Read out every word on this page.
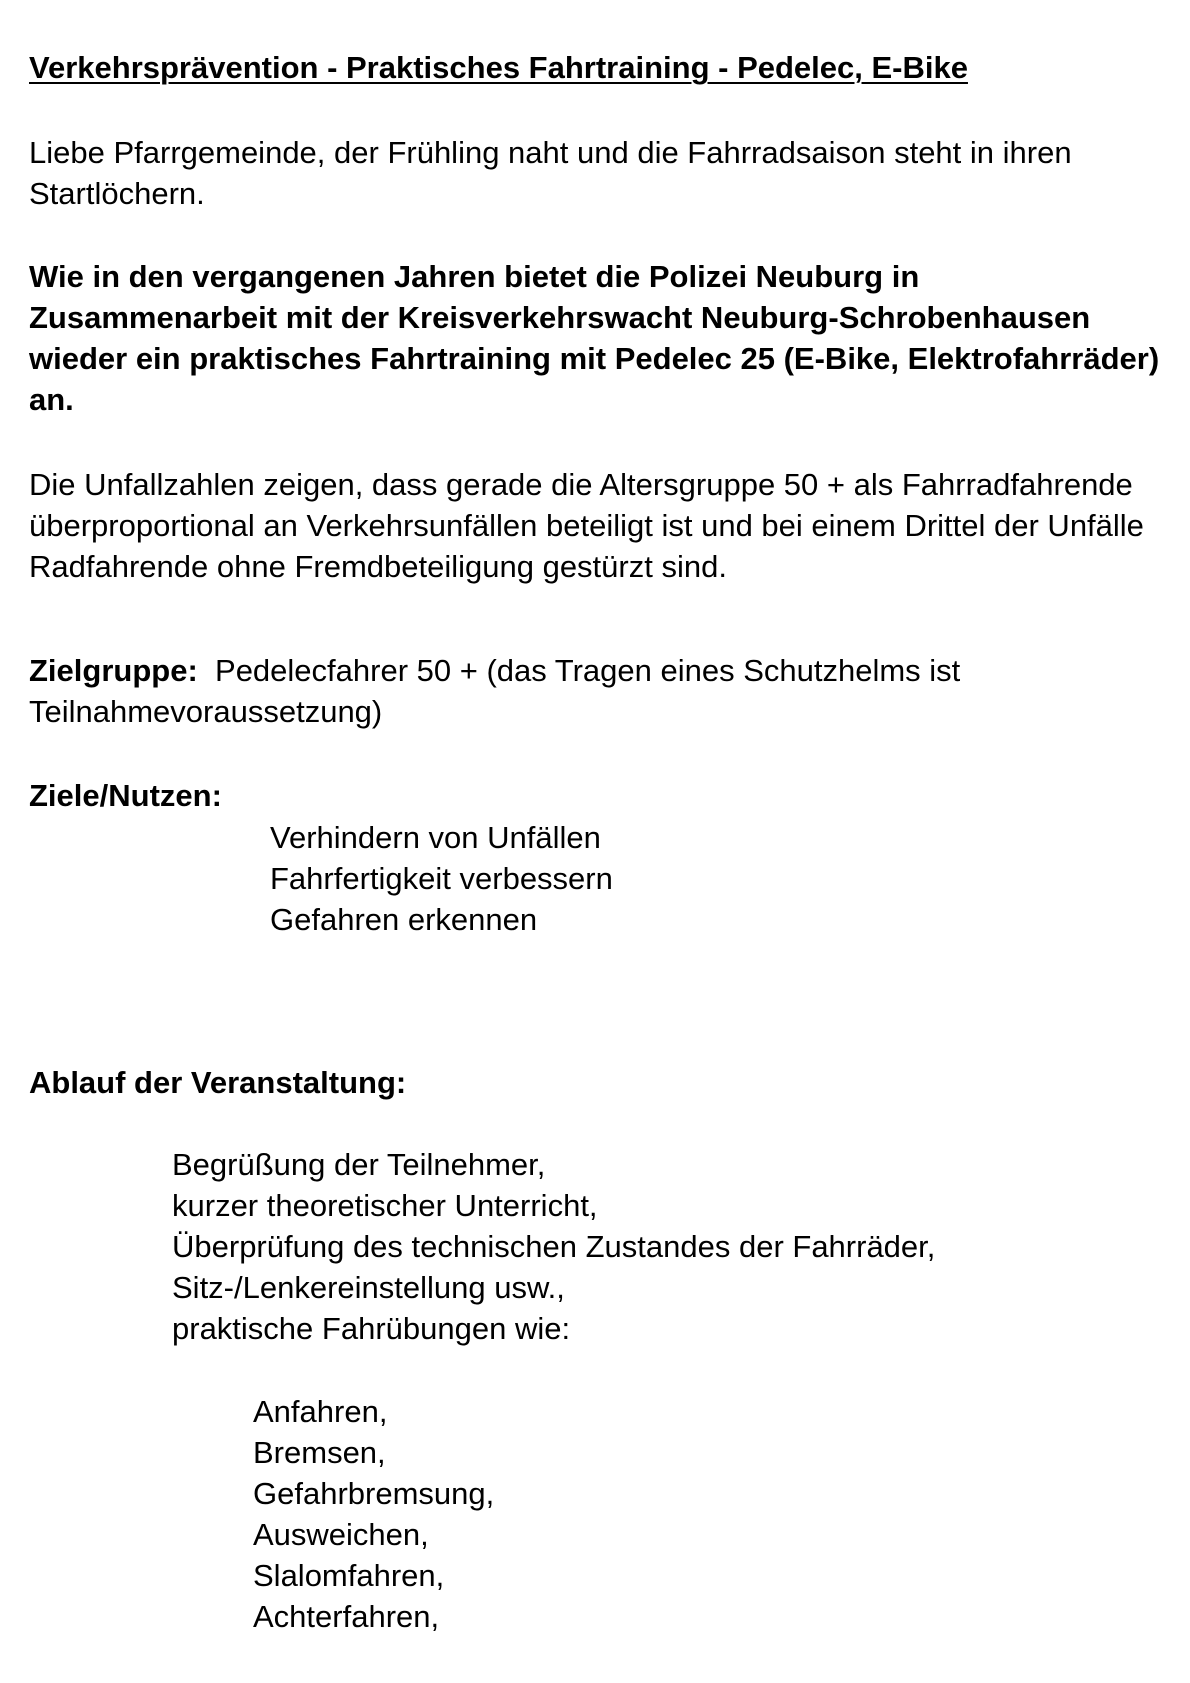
Verkehrsprävention - Praktisches Fahrtraining - Pedelec, E-Bike

Liebe Pfarrgemeinde, der Frühling naht und die Fahrradsaison steht in ihren Startlöchern.

Wie in den vergangenen Jahren bietet die Polizei Neuburg in Zusammenarbeit mit der Kreisverkehrswacht Neuburg-Schrobenhausen wieder ein praktisches Fahrtraining mit Pedelec 25 (E-Bike, Elektrofahrräder) an.

Die Unfallzahlen zeigen, dass gerade die Altersgruppe 50 + als Fahrradfahrende überproportional an Verkehrsunfällen beteiligt ist und bei einem Drittel der Unfälle Radfahrende ohne Fremdbeteiligung gestürzt sind.

Zielgruppe: Pedelecfahrer 50 + (das Tragen eines Schutzhelms ist Teilnahmevoraussetzung)

Ziele/Nutzen:

Verhindern von Unfällen
Fahrfertigkeit verbessern
Gefahren erkennen

Ablauf der Veranstaltung:

Begrüßung der Teilnehmer,
kurzer theoretischer Unterricht,
Überprüfung des technischen Zustandes der Fahrräder,
Sitz-/Lenkereinstellung usw.,
praktische Fahrübungen wie:
Anfahren,
Bremsen,
Gefahrbremsung,
Ausweichen,
Slalomfahren,
Achterfahren,
